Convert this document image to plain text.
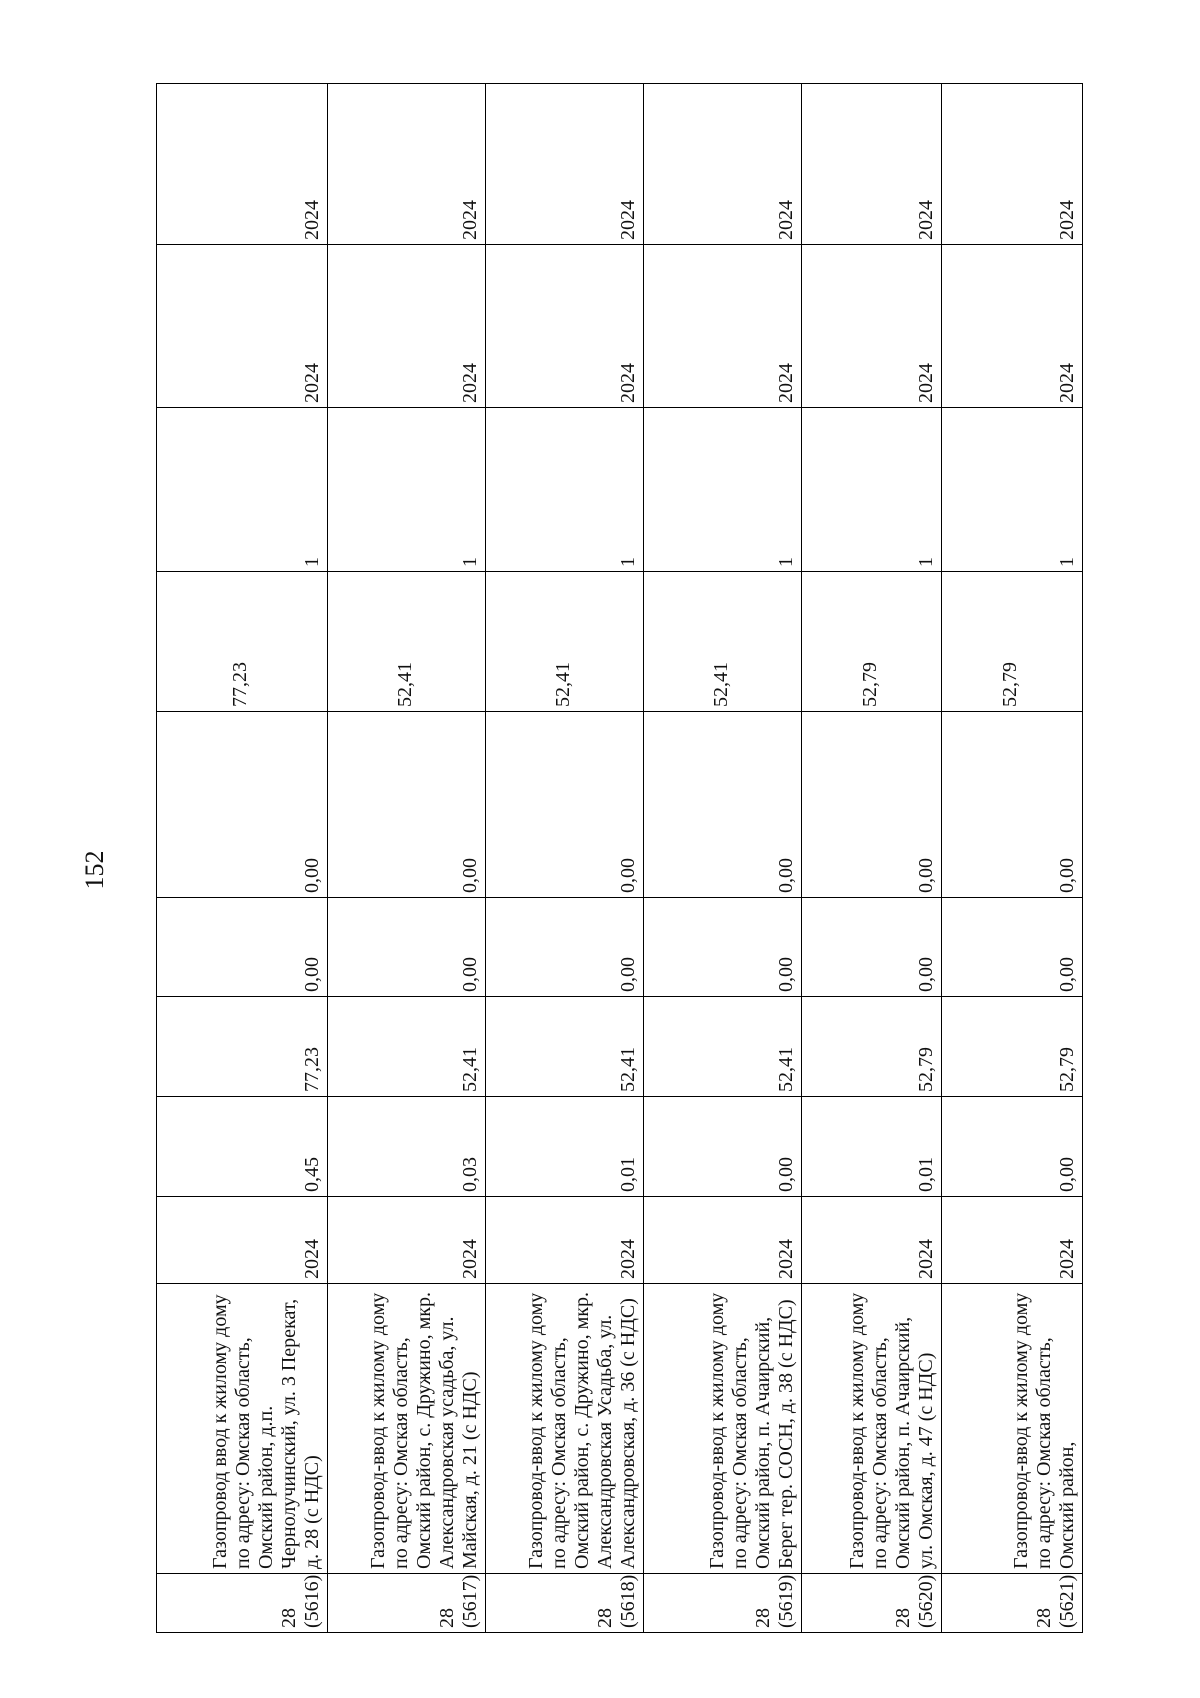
152
28 (5616)	Газопровод ввод к жилому дому по адресу: Омская область, Омский район, д.п. Чернолучинский, ул. 3 Перекат, д. 28 (с НДС)	2024	0,45	77,23	0,00	0,00	77,23	1	2024	2024

28 (5617)	Газопровод-ввод к жилому дому по адресу: Омская область, Омский район, с. Дружино, мкр. Александровская усадьба, ул. Майская, д. 21 (с НДС)	2024	0,03	52,41	0,00	0,00	52,41	1	2024	2024

28 (5618)	Газопровод-ввод к жилому дому по адресу: Омская область, Омский район, с. Дружино, мкр. Александровская Усадьба, ул. Александровская, д. 36 (с НДС)	2024	0,01	52,41	0,00	0,00	52,41	1	2024	2024

28 (5619)	Газопровод-ввод к жилому дому по адресу: Омская область, Омский район, п. Ачаирский, Берег тер. СОСН, д. 38 (с НДС)	2024	0,00	52,41	0,00	0,00	52,41	1	2024	2024

28 (5620)	Газопровод-ввод к жилому дому по адресу: Омская область, Омский район, п. Ачаирский, ул. Омская, д. 47 (с НДС)	2024	0,01	52,79	0,00	0,00	52,79	1	2024	2024

28 (5621)	Газопровод-ввод к жилому дому по адресу: Омская область, Омский район,	2024	0,00	52,79	0,00	0,00	52,79	1	2024	2024
